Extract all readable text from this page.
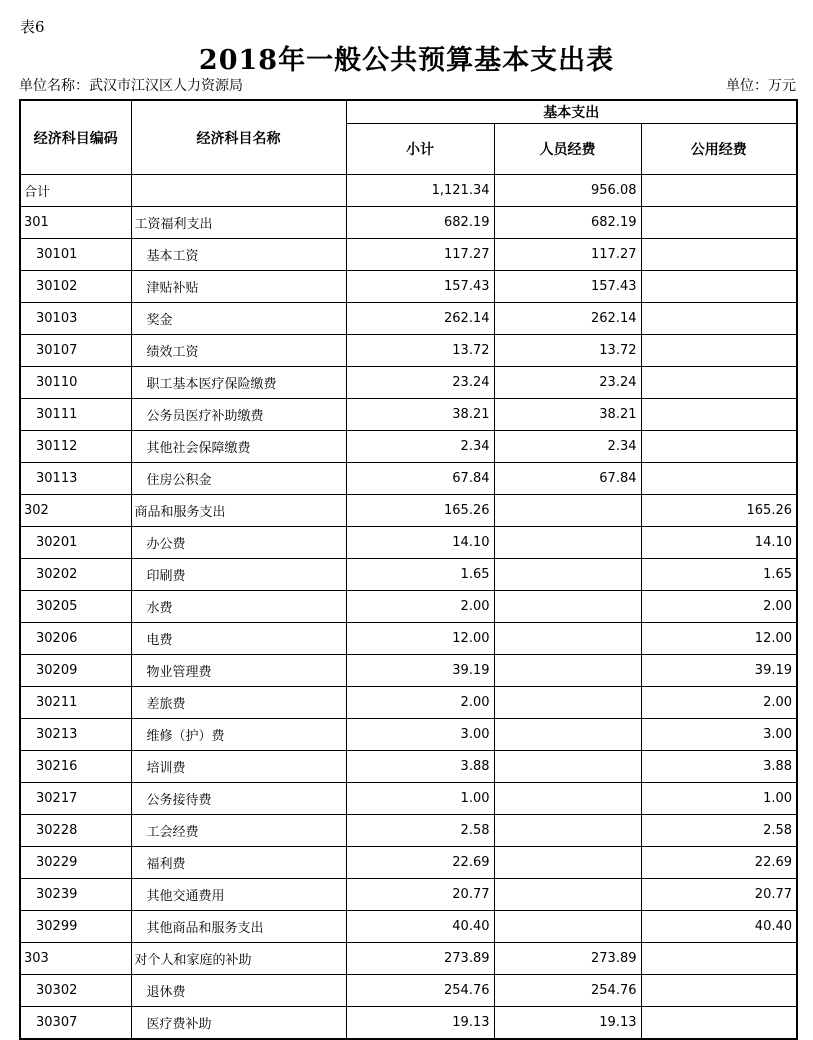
表6
2018年一般公共预算基本支出表
单位名称：武汉市江汉区人力资源局	单位：万元
经济科目编码	经济科目名称	基本支出		
		小计	人员经费	公用经费
合计		1,121.34	956.08	
301	工资福利支出	682.19	682.19	
30101	基本工资	117.27	117.27	
30102	津贴补贴	157.43	157.43	
30103	奖金	262.14	262.14	
30107	绩效工资	13.72	13.72	
30110	职工基本医疗保险缴费	23.24	23.24	
30111	公务员医疗补助缴费	38.21	38.21	
30112	其他社会保障缴费	2.34	2.34	
30113	住房公积金	67.84	67.84	
302	商品和服务支出	165.26		165.26
30201	办公费	14.10		14.10
30202	印刷费	1.65		1.65
30205	水费	2.00		2.00
30206	电费	12.00		12.00
30209	物业管理费	39.19		39.19
30211	差旅费	2.00		2.00
30213	维修（护）费	3.00		3.00
30216	培训费	3.88		3.88
30217	公务接待费	1.00		1.00
30228	工会经费	2.58		2.58
30229	福利费	22.69		22.69
30239	其他交通费用	20.77		20.77
30299	其他商品和服务支出	40.40		40.40
303	对个人和家庭的补助	273.89	273.89	
30302	退休费	254.76	254.76	
30307	医疗费补助	19.13	19.13	
